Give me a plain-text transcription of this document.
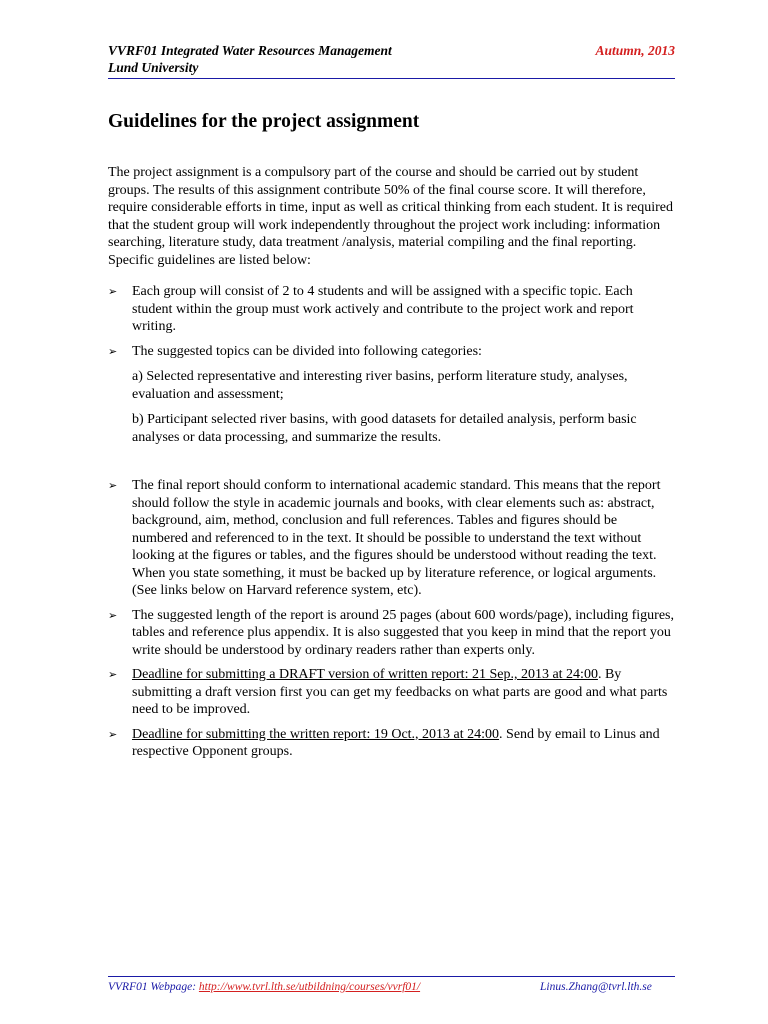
VVRF01 Integrated Water Resources Management
Lund University
Autumn, 2013
Guidelines for the project assignment

The project assignment is a compulsory part of the course and should be carried out by student groups. The results of this assignment contribute 50% of the final course score. It will therefore, require considerable efforts in time, input as well as critical thinking from each student. It is required that the student group will work independently throughout the project work including: information searching, literature study, data treatment /analysis, material compiling and the final reporting. Specific guidelines are listed below:

➢ Each group will consist of 2 to 4 students and will be assigned with a specific topic. Each student within the group must work actively and contribute to the project work and report writing.
➢ The suggested topics can be divided into following categories:

a) Selected representative and interesting river basins, perform literature study, analyses, evaluation and assessment;

b) Participant selected river basins, with good datasets for detailed analysis, perform basic analyses or data processing, and summarize the results.

➢ The final report should conform to international academic standard. This means that the report should follow the style in academic journals and books, with clear elements such as: abstract, background, aim, method, conclusion and full references. Tables and figures should be numbered and referenced to in the text. It should be possible to understand the text without looking at the figures or tables, and the figures should be understood without reading the text. When you state something, it must be backed up by literature reference, or logical arguments. (See links below on Harvard reference system, etc).
➢ The suggested length of the report is around 25 pages (about 600 words/page), including figures, tables and reference plus appendix. It is also suggested that you keep in mind that the report you write should be understood by ordinary readers rather than experts only.
➢ Deadline for submitting a DRAFT version of written report: 21 Sep., 2013 at 24:00. By submitting a draft version first you can get my feedbacks on what parts are good and what parts need to be improved.
➢ Deadline for submitting the written report: 19 Oct., 2013 at 24:00. Send by email to Linus and respective Opponent groups.
VVRF01 Webpage: http://www.tvrl.lth.se/utbildning/courses/vvrf01/	Linus.Zhang@tvrl.lth.se
